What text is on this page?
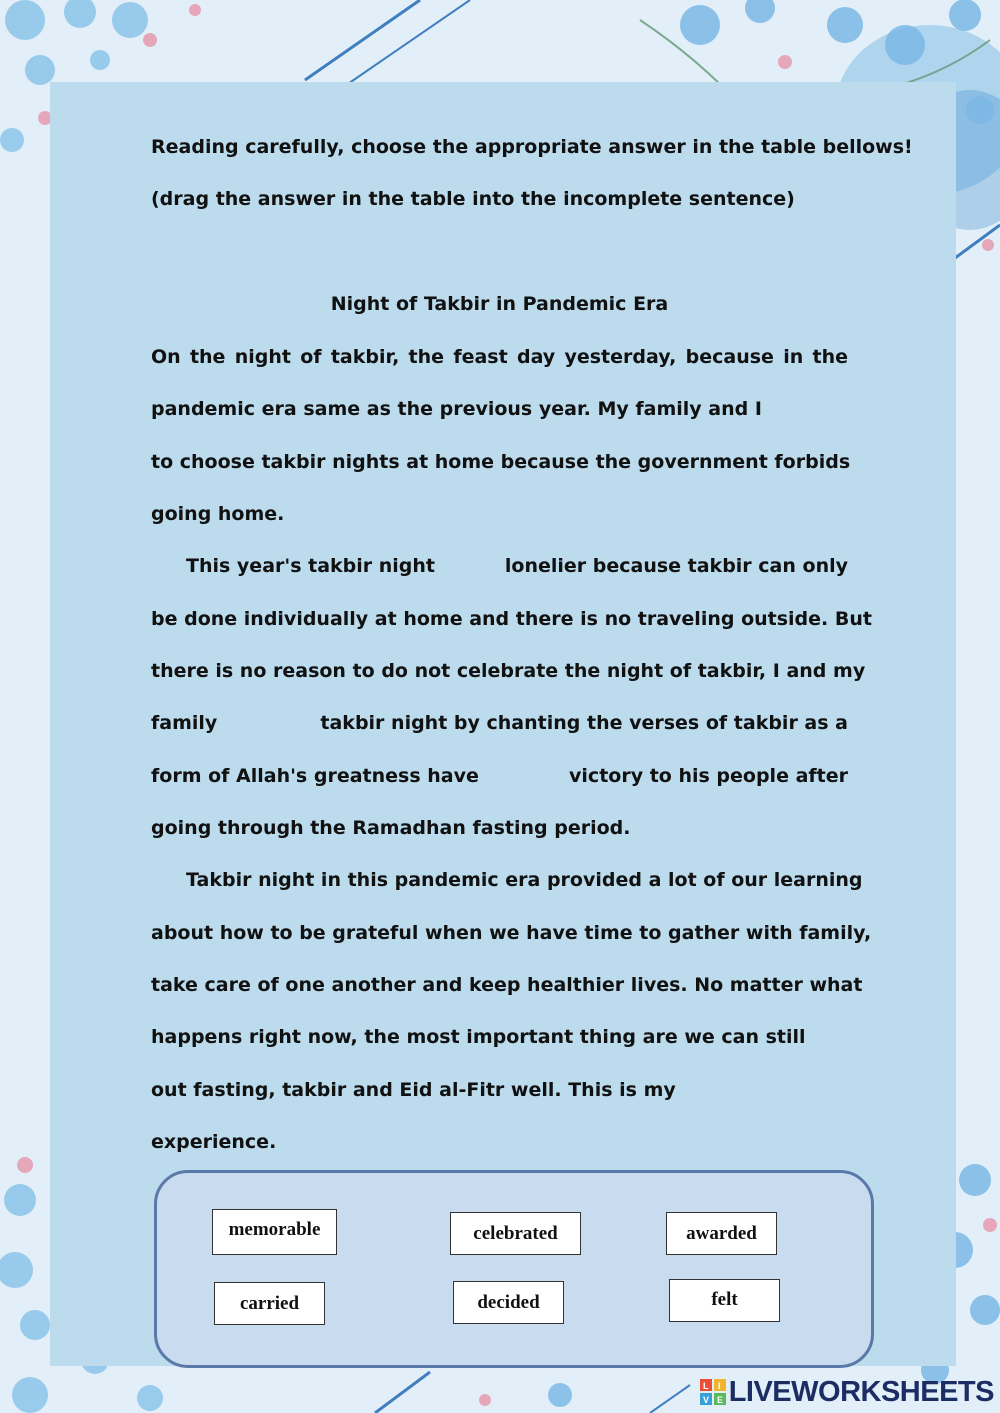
Reading carefully, choose the appropriate answer in the table bellows!

(drag the answer in the table into the incomplete sentence)

Night of Takbir in Pandemic Era

On the night of takbir, the feast day yesterday, because in the

pandemic era same as the previous year. My family and I

to choose takbir nights at home because the government forbids

going home.

This year's takbir night	lonelier because takbir can only

be done individually at home and there is no traveling outside. But

there is no reason to do not celebrate the night of takbir, I and my

family	takbir night by chanting the verses of takbir as a

form of Allah's greatness have	victory to his people after

going through the Ramadhan fasting period.

Takbir night in this pandemic era provided a lot of our learning

about how to be grateful when we have time to gather with family,

take care of one another and keep healthier lives. No matter what

happens right now, the most important thing are we can still

out fasting, takbir and Eid al-Fitr well. This is my

experience.

memorable	celebrated	awarded
carried	decided	felt
L I
V E LIVEWORKSHEETS
